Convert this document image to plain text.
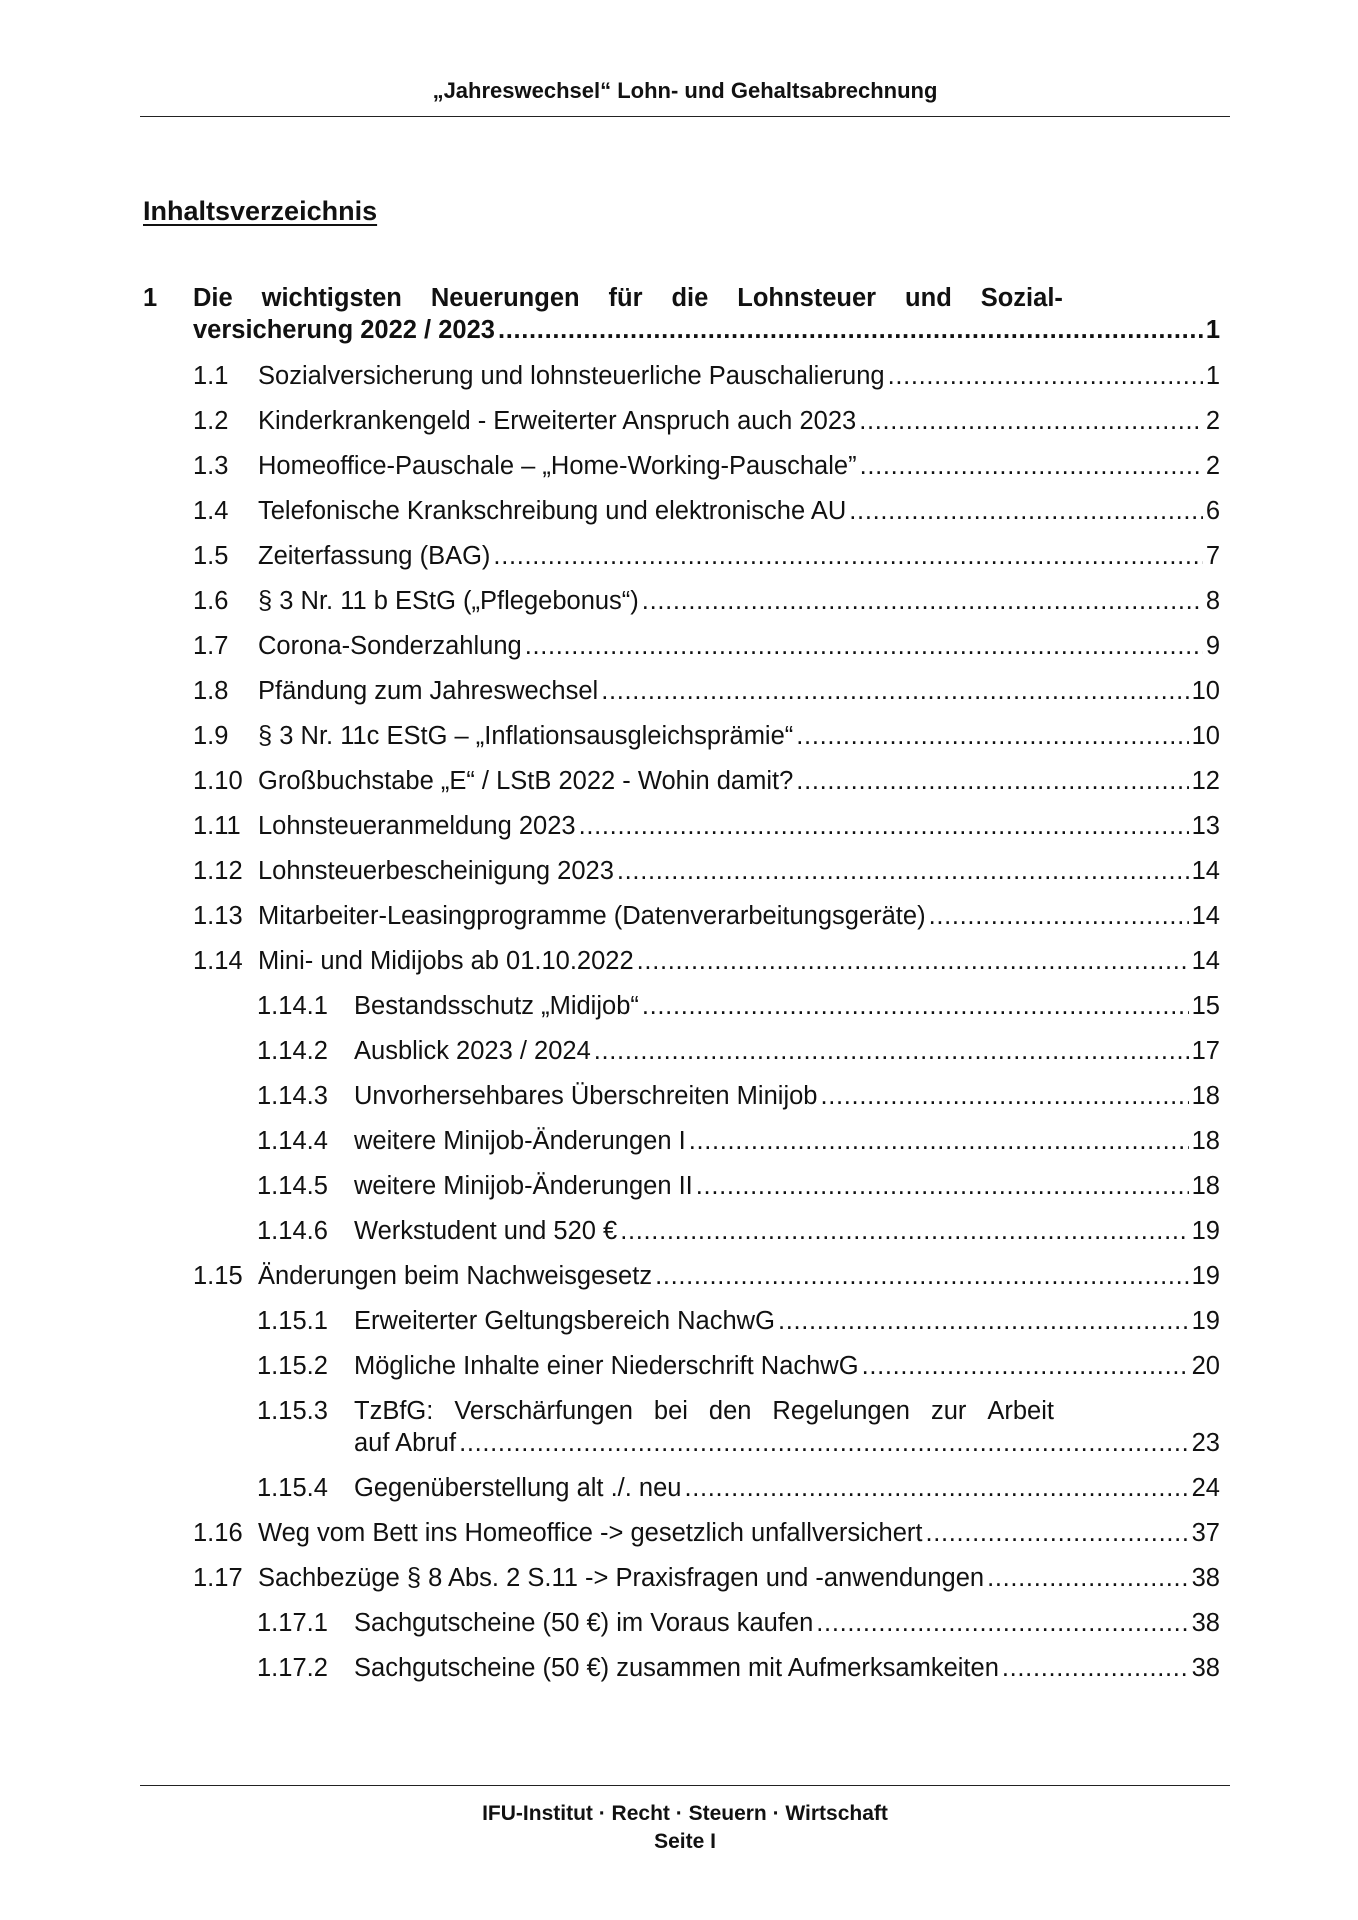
„Jahreswechsel“ Lohn- und Gehaltsabrechnung
Inhaltsverzeichnis
1 Die wichtigsten Neuerungen für die Lohnsteuer und Sozial-
versicherung 2022 / 2023 . . .	1
1.1 Sozialversicherung und lohnsteuerliche Pauschalierung . . .	1
1.2 Kinderkrankengeld - Erweiterter Anspruch auch 2023 . . .	2
1.3 Homeoffice-Pauschale – „Home-Working-Pauschale” . . .	2
1.4 Telefonische Krankschreibung und elektronische AU . . .	6
1.5 Zeiterfassung (BAG) . . .	7
1.6 § 3 Nr. 11 b EStG („Pflegebonus“) . . .	8
1.7 Corona-Sonderzahlung . . .	9
1.8 Pfändung zum Jahreswechsel . . .	10
1.9 § 3 Nr. 11c EStG – „Inflationsausgleichsprämie“ . . .	10
1.10 Großbuchstabe „E“ / LStB 2022 - Wohin damit? . . .	12
1.11 Lohnsteueranmeldung 2023 . . .	13
1.12 Lohnsteuerbescheinigung 2023 . . .	14
1.13 Mitarbeiter-Leasingprogramme (Datenverarbeitungsgeräte) . . .	14
1.14 Mini- und Midijobs ab 01.10.2022 . . .	14
1.14.1 Bestandsschutz „Midijob“ . . .	15
1.14.2 Ausblick 2023 / 2024 . . .	17
1.14.3 Unvorhersehbares Überschreiten Minijob . . .	18
1.14.4 weitere Minijob-Änderungen I . . .	18
1.14.5 weitere Minijob-Änderungen II . . .	18
1.14.6 Werkstudent und 520 € . . .	19
1.15 Änderungen beim Nachweisgesetz . . .	19
1.15.1 Erweiterter Geltungsbereich NachwG . . .	19
1.15.2 Mögliche Inhalte einer Niederschrift NachwG . . .	20
1.15.3 TzBfG: Verschärfungen bei den Regelungen zur Arbeit
auf Abruf . . .	23
1.15.4 Gegenüberstellung alt ./. neu . . .	24
1.16 Weg vom Bett ins Homeoffice -> gesetzlich unfallversichert . . .	37
1.17 Sachbezüge § 8 Abs. 2 S.11 -> Praxisfragen und -anwendungen . . .	38
1.17.1 Sachgutscheine (50 €) im Voraus kaufen . . .	38
1.17.2 Sachgutscheine (50 €) zusammen mit Aufmerksamkeiten . . .	38
IFU-Institut · Recht · Steuern · Wirtschaft
Seite I
